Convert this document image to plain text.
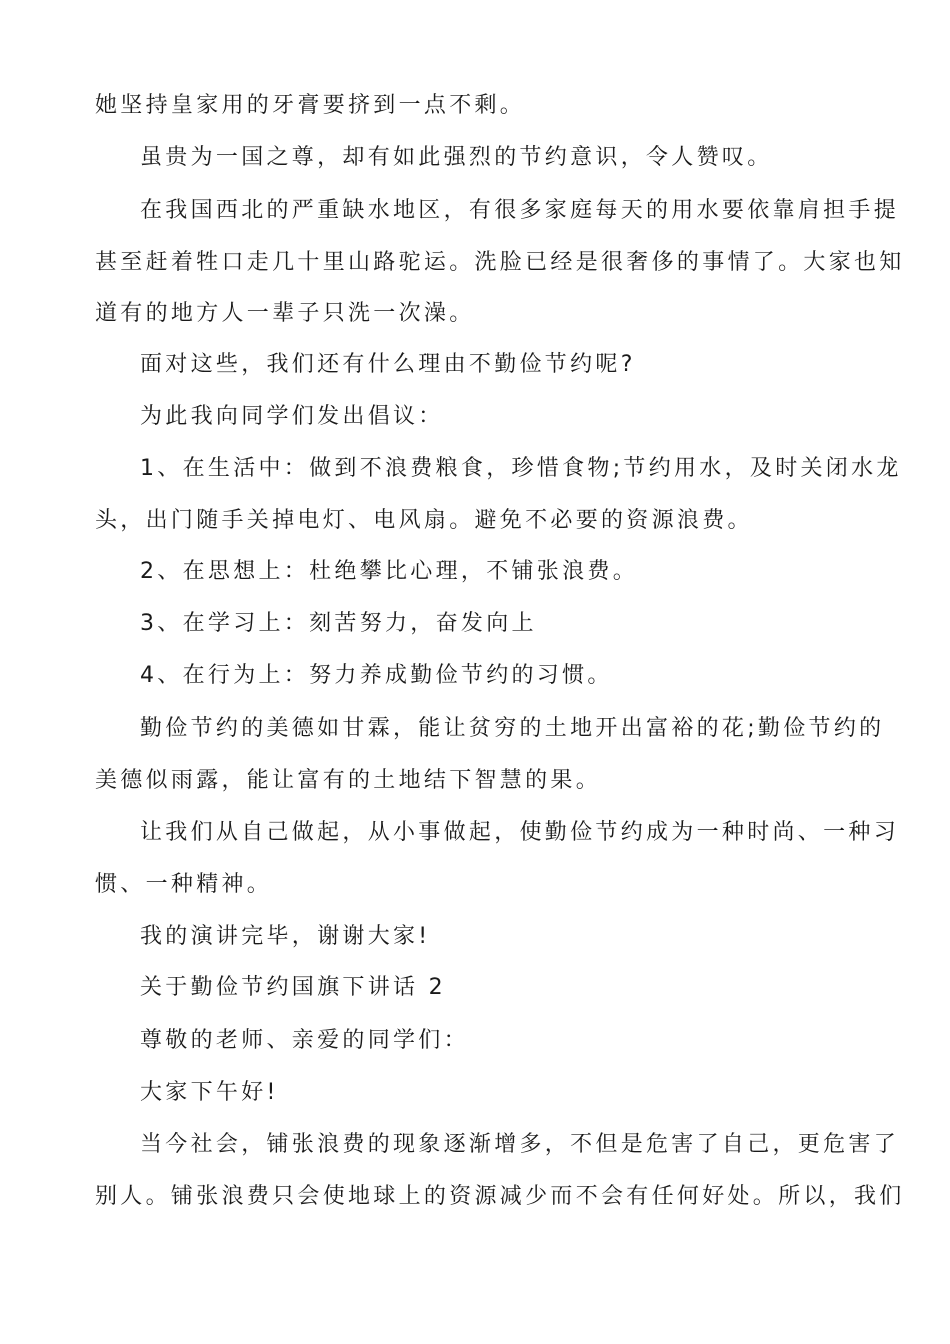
她坚持皇家用的牙膏要挤到一点不剩。
虽贵为一国之尊，却有如此强烈的节约意识，令人赞叹。
在我国西北的严重缺水地区，有很多家庭每天的用水要依靠肩担手提
甚至赶着牲口走几十里山路驼运。洗脸已经是很奢侈的事情了。大家也知
道有的地方人一辈子只洗一次澡。
面对这些，我们还有什么理由不勤俭节约呢?
为此我向同学们发出倡议：
1、在生活中：做到不浪费粮食，珍惜食物;节约用水，及时关闭水龙
头，出门随手关掉电灯、电风扇。避免不必要的资源浪费。
2、在思想上：杜绝攀比心理，不铺张浪费。
3、在学习上：刻苦努力，奋发向上
4、在行为上：努力养成勤俭节约的习惯。
勤俭节约的美德如甘霖，能让贫穷的土地开出富裕的花;勤俭节约的
美德似雨露，能让富有的土地结下智慧的果。
让我们从自己做起，从小事做起，使勤俭节约成为一种时尚、一种习
惯、一种精神。
我的演讲完毕，谢谢大家!
关于勤俭节约国旗下讲话 2
尊敬的老师、亲爱的同学们：
大家下午好!
当今社会，铺张浪费的现象逐渐增多，不但是危害了自己，更危害了
别人。铺张浪费只会使地球上的资源减少而不会有任何好处。所以，我们
